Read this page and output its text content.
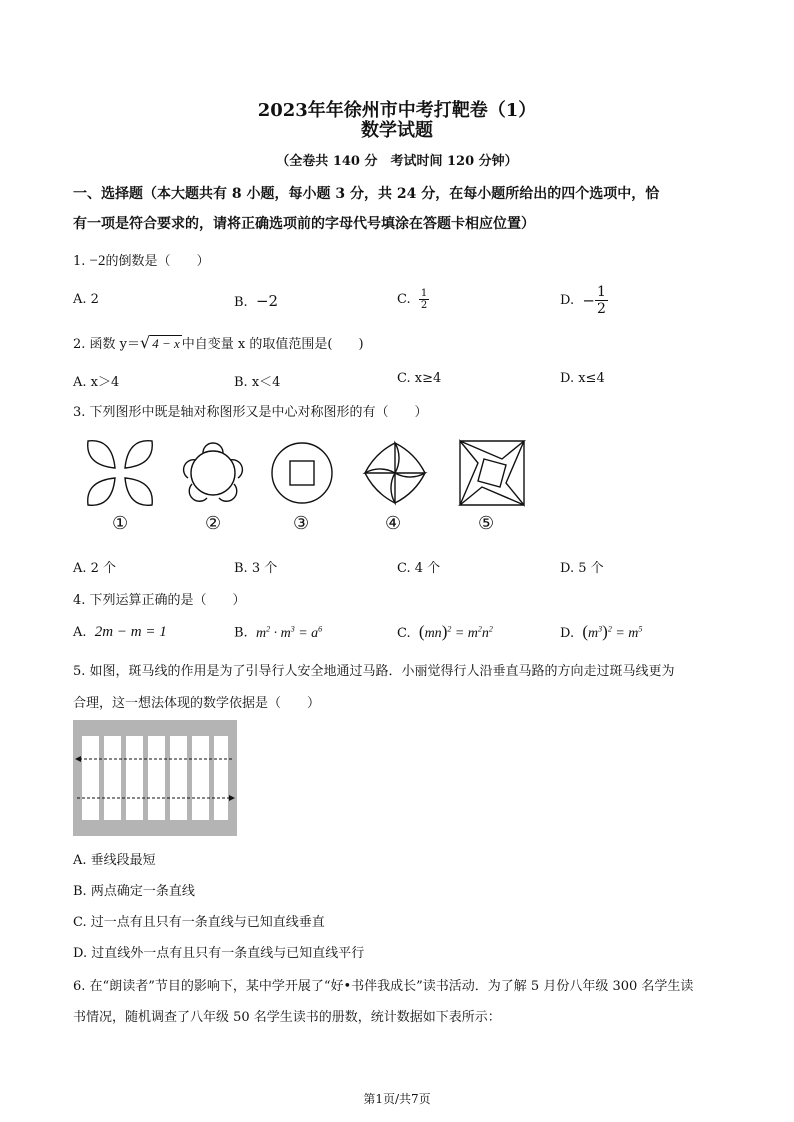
2023年年徐州市中考打靶卷（1）
数学试题
（全卷共 140 分　考试时间 120 分钟）
一、选择题（本大题共有 8 小题，每小题 3 分，共 24 分，在每小题所给出的四个选项中，恰
有一项是符合要求的，请将正确选项前的字母代号填涂在答题卡相应位置）
1. −2的倒数是（　　）
A. 2	B. −2	C. $\frac{1}{2}$	D. − $\frac{1}{2}$
2. 函数 y＝√ 4 − x 中自变量 x 的取值范围是(　　)
A. x＞4	B. x＜4	C. x≥4	D. x≤4
3. 下列图形中既是轴对称图形又是中心对称图形的有（　　）
①	②	③	④	⑤
A. 2 个	B. 3 个	C. 4 个	D. 5 个
4. 下列运算正确的是（　　）
A. 2m − m = 1	B. $m^2 \cdot m^3 = a^6$	C. $(mn)^2 = m^2n^2$	D. $(m^3)^2 = m^5$
5. 如图，斑马线的作用是为了引导行人安全地通过马路．小丽觉得行人沿垂直马路的方向走过斑马线更为
合理，这一想法体现的数学依据是（　　）
A. 垂线段最短
B. 两点确定一条直线
C. 过一点有且只有一条直线与已知直线垂直
D. 过直线外一点有且只有一条直线与已知直线平行
6. 在“朗读者”节目的影响下，某中学开展了“好•书伴我成长”读书活动．为了解 5 月份八年级 300 名学生读
书情况，随机调查了八年级 50 名学生读书的册数，统计数据如下表所示：
第1页/共7页
